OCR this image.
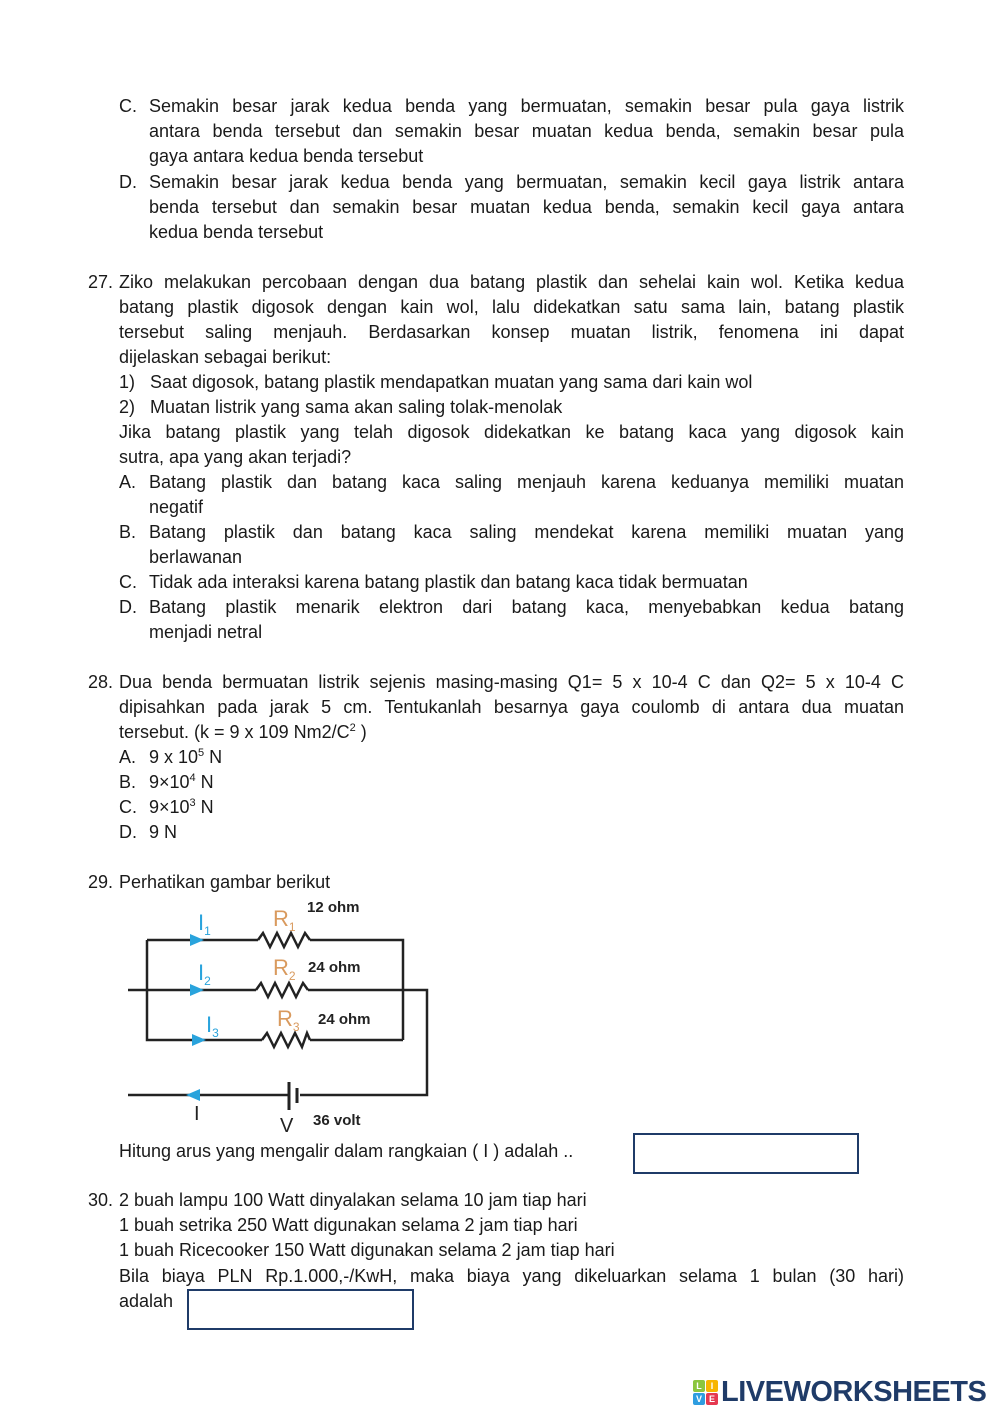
C. Semakin besar jarak kedua benda yang bermuatan, semakin besar pula gaya listrik
antara benda tersebut dan semakin besar muatan kedua benda, semakin besar pula
gaya antara kedua benda tersebut
D. Semakin besar jarak kedua benda yang bermuatan, semakin kecil gaya listrik antara
benda tersebut dan semakin besar muatan kedua benda, semakin kecil gaya antara
kedua benda tersebut
27. Ziko melakukan percobaan dengan dua batang plastik dan sehelai kain wol. Ketika kedua
batang plastik digosok dengan kain wol, lalu didekatkan satu sama lain, batang plastik
tersebut saling menjauh. Berdasarkan konsep muatan listrik, fenomena ini dapat
dijelaskan sebagai berikut:
1)   Saat digosok, batang plastik mendapatkan muatan yang sama dari kain wol
2)   Muatan listrik yang sama akan saling tolak-menolak
Jika batang plastik yang telah digosok didekatkan ke batang kaca yang digosok kain
sutra, apa yang akan terjadi?
A. Batang plastik dan batang kaca saling menjauh karena keduanya memiliki muatan
negatif
B. Batang plastik dan batang kaca saling mendekat karena memiliki muatan yang
berlawanan
C. Tidak ada interaksi karena batang plastik dan batang kaca tidak bermuatan
D. Batang plastik menarik elektron dari batang kaca, menyebabkan kedua batang
menjadi netral
28. Dua benda bermuatan listrik sejenis masing-masing Q1= 5 x 10-4 C dan Q2= 5 x 10-4 C
dipisahkan pada jarak 5 cm. Tentukanlah besarnya gaya coulomb di antara dua muatan
tersebut. (k = 9 x 109 $Nm2/C^2$ )
A. 9 x $10^5$ N
B. $9\times 10^4$ N
C. $9\times 10^3$ N
D. 9 N
29. Perhatikan gambar berikut
$I_1$
$I_2$
$I_3$
$R_1$
$R_2$
$R_3$
12 ohm
24 ohm
24 ohm
36 volt
V
I
Hitung arus yang mengalir dalam rangkaian ( I ) adalah ..
30. 2 buah lampu 100 Watt dinyalakan selama 10 jam tiap hari
1 buah setrika 250 Watt digunakan selama 2 jam tiap hari
1 buah Ricecooker 150 Watt digunakan selama 2 jam tiap hari
Bila biaya PLN Rp.1.000,-/KwH, maka biaya yang dikeluarkan selama 1 bulan (30 hari)
adalah
L I
V E LIVEWORKSHEETS
